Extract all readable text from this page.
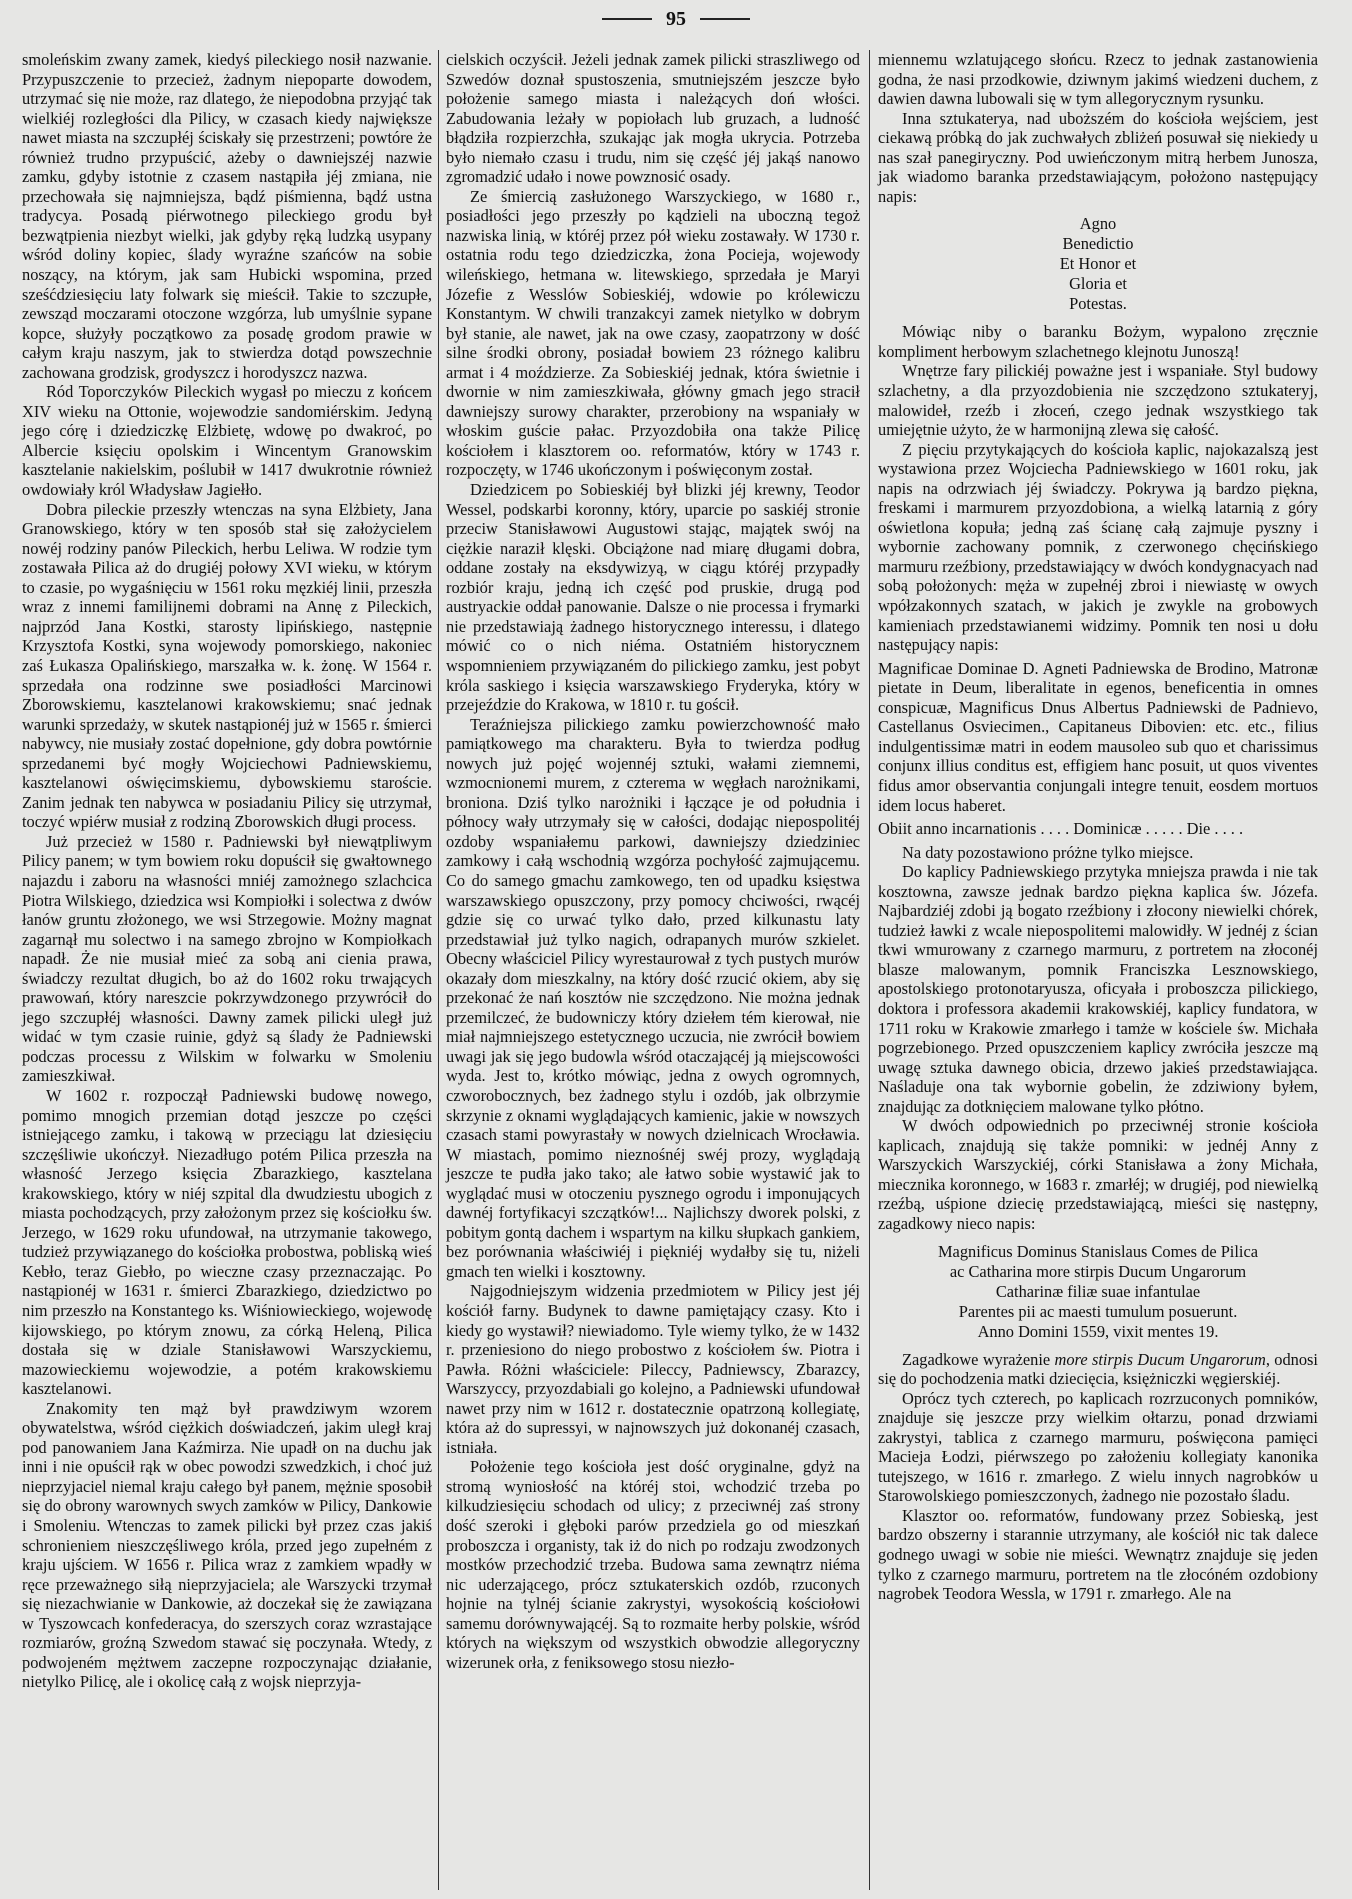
95

smoleńskim zwany zamek, kiedyś pileckiego nosił nazwanie. Przypuszczenie to przecież, żadnym niepoparte dowodem, utrzymać się nie może, raz dlatego, że niepodobna przyjąć tak wielkiéj rozległości dla Pilicy, w czasach kiedy największe nawet miasta na szczupłéj ściskały się przestrzeni; powtóre że również trudno przypuścić, ażeby o dawniejszéj nazwie zamku, gdyby istotnie z czasem nastąpiła jéj zmiana, nie przechowała się najmniejsza, bądź piśmienna, bądź ustna tradycya. Posadą piérwotnego pileckiego grodu był bezwątpienia niezbyt wielki, jak gdyby ręką ludzką usypany wśród doliny kopiec, ślady wyraźne szańców na sobie noszący, na którym, jak sam Hubicki wspomina, przed sześćdziesięciu laty folwark się mieścił. Takie to szczupłe, zewsząd moczarami otoczone wzgórza, lub umyślnie sypane kopce, służyły początkowo za posadę grodom prawie w całym kraju naszym, jak to stwierdza dotąd powszechnie zachowana grodzisk, grodyszcz i horodyszcz nazwa.

Ród Toporczyków Pileckich wygasł po mieczu z końcem XIV wieku na Ottonie, wojewodzie sandomiérskim. Jedyną jego córę i dziedziczkę Elżbietę, wdowę po dwakroć, po Albercie księciu opolskim i Wincentym Granowskim kasztelanie nakielskim, poślubił w 1417 dwukrotnie również owdowiały król Władysław Jagiełło.

Dobra pileckie przeszły wtenczas na syna Elżbiety, Jana Granowskiego, który w ten sposób stał się założycielem nowéj rodziny panów Pileckich, herbu Leliwa. W rodzie tym zostawała Pilica aż do drugiéj połowy XVI wieku, w którym to czasie, po wygaśnięciu w 1561 roku męzkiéj linii, przeszła wraz z innemi familijnemi dobrami na Annę z Pileckich, najprzód Jana Kostki, starosty lipińskiego, następnie Krzysztofa Kostki, syna wojewody pomorskiego, nakoniec zaś Łukasza Opalińskiego, marszałka w. k. żonę. W 1564 r. sprzedała ona rodzinne swe posiadłości Marcinowi Zborowskiemu, kasztelanowi krakowskiemu; snać jednak warunki sprzedaży, w skutek nastąpionéj już w 1565 r. śmierci nabywcy, nie musiały zostać dopełnione, gdy dobra powtórnie sprzedanemi być mogły Wojciechowi Padniewskiemu, kasztelanowi oświęcimskiemu, dybowskiemu staroście. Zanim jednak ten nabywca w posiadaniu Pilicy się utrzymał, toczyć wpiérw musiał z rodziną Zborowskich długi process.

Już przecież w 1580 r. Padniewski był niewątpliwym Pilicy panem; w tym bowiem roku dopuścił się gwałtownego najazdu i zaboru na własności mniéj zamożnego szlachcica Piotra Wilskiego, dziedzica wsi Kompiołki i solectwa z dwów łanów gruntu złożonego, we wsi Strzegowie. Możny magnat zagarnął mu solectwo i na samego zbrojno w Kompiołkach napadł. Że nie musiał mieć za sobą ani cienia prawa, świadczy rezultat długich, bo aż do 1602 roku trwających prawowań, który nareszcie pokrzywdzonego przywrócił do jego szczupłéj własności. Dawny zamek pilicki uległ już widać w tym czasie ruinie, gdyż są ślady że Padniewski podczas processu z Wilskim w folwarku w Smoleniu zamieszkiwał.

W 1602 r. rozpoczął Padniewski budowę nowego, pomimo mnogich przemian dotąd jeszcze po części istniejącego zamku, i takową w przeciągu lat dziesięciu szczęśliwie ukończył. Niezadługo potém Pilica przeszła na własność Jerzego księcia Zbarazkiego, kasztelana krakowskiego, który w niéj szpital dla dwudziestu ubogich z miasta pochodzących, przy założonym przez się kościołku św. Jerzego, w 1629 roku ufundował, na utrzymanie takowego, tudzież przywiązanego do kościołka probostwa, pobliską wieś Kebło, teraz Giebło, po wieczne czasy przeznaczając. Po nastąpionéj w 1631 r. śmierci Zbarazkiego, dziedzictwo po nim przeszło na Konstantego ks. Wiśniowieckiego, wojewodę kijowskiego, po którym znowu, za córką Heleną, Pilica dostała się w dziale Stanisławowi Warszyckiemu, mazowieckiemu wojewodzie, a potém krakowskiemu kasztelanowi.

Znakomity ten mąż był prawdziwym wzorem obywatelstwa, wśród ciężkich doświadczeń, jakim uległ kraj pod panowaniem Jana Kaźmirza. Nie upadł on na duchu jak inni i nie opuścił rąk w obec powodzi szwedzkich, i choć już nieprzyjaciel niemal kraju całego był panem, mężnie sposobił się do obrony warownych swych zamków w Pilicy, Dankowie i Smoleniu. Wtenczas to zamek pilicki był przez czas jakiś schronieniem nieszczęśliwego króla, przed jego zupełném z kraju ujściem. W 1656 r. Pilica wraz z zamkiem wpadły w ręce przeważnego siłą nieprzyjaciela; ale Warszycki trzymał się niezachwianie w Dankowie, aż doczekał się że zawiązana w Tyszowcach konfederacya, do szerszych coraz wzrastające rozmiarów, groźną Szwedom stawać się poczynała. Wtedy, z podwojeném mężtwem zaczepne rozpoczynając działanie, nietylko Pilicę, ale i okolicę całą z wojsk nieprzyja-

cielskich oczyścił. Jeżeli jednak zamek pilicki straszliwego od Szwedów doznał spustoszenia, smutniejszém jeszcze było położenie samego miasta i należących doń włości. Zabudowania leżały w popiołach lub gruzach, a ludność błądziła rozpierzchła, szukając jak mogła ukrycia. Potrzeba było niemało czasu i trudu, nim się część jéj jakąś nanowo zgromadzić udało i nowe powznosić osady.

Ze śmiercią zasłużonego Warszyckiego, w 1680 r., posiadłości jego przeszły po kądzieli na uboczną tegoż nazwiska linią, w któréj przez pół wieku zostawały. W 1730 r. ostatnia rodu tego dziedziczka, żona Pocieja, wojewody wileńskiego, hetmana w. litewskiego, sprzedała je Maryi Józefie z Wesslów Sobieskiéj, wdowie po królewiczu Konstantym. W chwili tranzakcyi zamek nietylko w dobrym był stanie, ale nawet, jak na owe czasy, zaopatrzony w dość silne środki obrony, posiadał bowiem 23 różnego kalibru armat i 4 moździerze. Za Sobieskiéj jednak, która świetnie i dwornie w nim zamieszkiwała, główny gmach jego stracił dawniejszy surowy charakter, przerobiony na wspaniały w włoskim guście pałac. Przyozdobiła ona także Pilicę kościołem i klasztorem oo. reformatów, który w 1743 r. rozpoczęty, w 1746 ukończonym i poświęconym został.

Dziedzicem po Sobieskiéj był blizki jéj krewny, Teodor Wessel, podskarbi koronny, który, uparcie po saskiéj stronie przeciw Stanisławowi Augustowi stając, majątek swój na ciężkie naraził klęski. Obciążone nad miarę długami dobra, oddane zostały na eksdywizyą, w ciągu któréj przypadły rozbiór kraju, jedną ich część pod pruskie, drugą pod austryackie oddał panowanie. Dalsze o nie processa i frymarki nie przedstawiają żadnego historycznego interessu, i dlatego mówić co o nich niéma. Ostatniém historycznem wspomnieniem przywiązaném do pilickiego zamku, jest pobyt króla saskiego i księcia warszawskiego Fryderyka, który w przejeździe do Krakowa, w 1810 r. tu gościł.

Teraźniejsza pilickiego zamku powierzchowność mało pamiątkowego ma charakteru. Była to twierdza podług nowych już pojęć wojennéj sztuki, wałami ziemnemi, wzmocnionemi murem, z czterema w węgłach narożnikami, broniona. Dziś tylko narożniki i łączące je od południa i północy wały utrzymały się w całości, dodając niepospolitéj ozdoby wspaniałemu parkowi, dawniejszy dziedziniec zamkowy i całą wschodnią wzgórza pochyłość zajmującemu. Co do samego gmachu zamkowego, ten od upadku księstwa warszawskiego opuszczony, przy pomocy chciwości, rwącéj gdzie się co urwać tylko dało, przed kilkunastu laty przedstawiał już tylko nagich, odrapanych murów szkielet. Obecny właściciel Pilicy wyrestaurował z tych pustych murów okazały dom mieszkalny, na który dość rzucić okiem, aby się przekonać że nań kosztów nie szczędzono. Nie można jednak przemilczeć, że budowniczy który dziełem tém kierował, nie miał najmniejszego estetycznego uczucia, nie zwrócił bowiem uwagi jak się jego budowla wśród otaczającéj ją miejscowości wyda. Jest to, krótko mówiąc, jedna z owych ogromnych, czworobocznych, bez żadnego stylu i ozdób, jak olbrzymie skrzynie z oknami wyglądających kamienic, jakie w nowszych czasach stami powyrastały w nowych dzielnicach Wrocławia. W miastach, pomimo nieznośnéj swéj prozy, wyglądają jeszcze te pudła jako tako; ale łatwo sobie wystawić jak to wyglądać musi w otoczeniu pysznego ogrodu i imponujących dawnéj fortyfikacyi szczątków!... Najlichszy dworek polski, z pobitym gontą dachem i wspartym na kilku słupkach gankiem, bez porównania właściwiéj i piękniéj wydałby się tu, niżeli gmach ten wielki i kosztowny.

Najgodniejszym widzenia przedmiotem w Pilicy jest jéj kościół farny. Budynek to dawne pamiętający czasy. Kto i kiedy go wystawił? niewiadomo. Tyle wiemy tylko, że w 1432 r. przeniesiono do niego probostwo z kościołem św. Piotra i Pawła. Różni właściciele: Pileccy, Padniewscy, Zbarazcy, Warszyccy, przyozdabiali go kolejno, a Padniewski ufundował nawet przy nim w 1612 r. dostatecznie opatrzoną kollegiatę, która aż do supressyi, w najnowszych już dokonanéj czasach, istniała.

Położenie tego kościoła jest dość oryginalne, gdyż na stromą wyniosłość na któréj stoi, wchodzić trzeba po kilkudziesięciu schodach od ulicy; z przeciwnéj zaś strony dość szeroki i głęboki parów przedziela go od mieszkań proboszcza i organisty, tak iż do nich po rodzaju zwodzonych mostków przechodzić trzeba. Budowa sama zewnątrz niéma nic uderzającego, prócz sztukaterskich ozdób, rzuconych hojnie na tylnéj ścianie zakrystyi, wysokością kościołowi samemu dorównywającéj. Są to rozmaite herby polskie, wśród których na większym od wszystkich obwodzie allegoryczny wizerunek orła, z feniksowego stosu niezło-

miennemu wzlatującego słońcu. Rzecz to jednak zastanowienia godna, że nasi przodkowie, dziwnym jakimś wiedzeni duchem, z dawien dawna lubowali się w tym allegorycznym rysunku.

Inna sztukaterya, nad uboższém do kościoła wejściem, jest ciekawą próbką do jak zuchwałych zbliżeń posuwał się niekiedy u nas szał panegiryczny. Pod uwieńczonym mitrą herbem Junosza, jak wiadomo baranka przedstawiającym, położono następujący napis:

Agno
Benedictio
Et Honor et
Gloria et
Potestas.

Mówiąc niby o baranku Bożym, wypalono zręcznie kompliment herbowym szlachetnego klejnotu Junoszą!

Wnętrze fary pilickiéj poważne jest i wspaniałe. Styl budowy szlachetny, a dla przyozdobienia nie szczędzono sztukateryj, malowideł, rzeźb i złoceń, czego jednak wszystkiego tak umiejętnie użyto, że w harmonijną zlewa się całość.

Z pięciu przytykających do kościoła kaplic, najokazalszą jest wystawiona przez Wojciecha Padniewskiego w 1601 roku, jak napis na odrzwiach jéj świadczy. Pokrywa ją bardzo piękna, freskami i marmurem przyozdobiona, a wielką latarnią z góry oświetlona kopuła; jedną zaś ścianę całą zajmuje pyszny i wybornie zachowany pomnik, z czerwonego chęcińskiego marmuru rzeźbiony, przedstawiający w dwóch kondygnacyach nad sobą położonych: męża w zupełnéj zbroi i niewiastę w owych wpółzakonnych szatach, w jakich je zwykle na grobowych kamieniach przedstawianemi widzimy. Pomnik ten nosi u dołu następujący napis:

Magnificae Dominae D. Agneti Padniewska de Brodino, Matronæ pietate in Deum, liberalitate in egenos, beneficentia in omnes conspicuæ, Magnificus Dnus Albertus Padniewski de Padnievo, Castellanus Osviecimen., Capitaneus Dibovien: etc. etc., filius indulgentissimæ matri in eodem mausoleo sub quo et charissimus conjunx illius conditus est, effigiem hanc posuit, ut quos viventes fidus amor observantia conjungali integre tenuit, eosdem mortuos idem locus haberet.

Obiit anno incarnationis . . . . Dominicæ . . . . . Die . . . .

Na daty pozostawiono próżne tylko miejsce.

Do kaplicy Padniewskiego przytyka mniejsza prawda i nie tak kosztowna, zawsze jednak bardzo piękna kaplica św. Józefa. Najbardziéj zdobi ją bogato rzeźbiony i złocony niewielki chórek, tudzież ławki z wcale niepospolitemi malowidły. W jednéj z ścian tkwi wmurowany z czarnego marmuru, z portretem na złoconéj blasze malowanym, pomnik Franciszka Lesznowskiego, apostolskiego protonotaryusza, oficyała i proboszcza pilickiego, doktora i professora akademii krakowskiéj, kaplicy fundatora, w 1711 roku w Krakowie zmarłego i tamże w kościele św. Michała pogrzebionego. Przed opuszczeniem kaplicy zwróciła jeszcze mą uwagę sztuka dawnego obicia, drzewo jakieś przedstawiająca. Naśladuje ona tak wybornie gobelin, że zdziwiony byłem, znajdując za dotknięciem malowane tylko płótno.

W dwóch odpowiednich po przeciwnéj stronie kościoła kaplicach, znajdują się także pomniki: w jednéj Anny z Warszyckich Warszyckiéj, córki Stanisława a żony Michała, miecznika koronnego, w 1683 r. zmarłéj; w drugiéj, pod niewielką rzeźbą, uśpione dziecię przedstawiającą, mieści się następny, zagadkowy nieco napis:

Magnificus Dominus Stanislaus Comes de Pilica
ac Catharina more stirpis Ducum Ungarorum
Catharinæ filiæ suae infantulae
Parentes pii ac maesti tumulum posuerunt.
Anno Domini 1559, vixit mentes 19.

Zagadkowe wyrażenie more stirpis Ducum Ungarorum, odnosi się do pochodzenia matki dziecięcia, księżniczki węgierskiéj.

Oprócz tych czterech, po kaplicach rozrzuconych pomników, znajduje się jeszcze przy wielkim ołtarzu, ponad drzwiami zakrystyi, tablica z czarnego marmuru, poświęcona pamięci Macieja Łodzi, piérwszego po założeniu kollegiaty kanonika tutejszego, w 1616 r. zmarłego. Z wielu innych nagrobków u Starowolskiego pomieszczonych, żadnego nie pozostało śladu.

Klasztor oo. reformatów, fundowany przez Sobieską, jest bardzo obszerny i starannie utrzymany, ale kościół nic tak dalece godnego uwagi w sobie nie mieści. Wewnątrz znajduje się jeden tylko z czarnego marmuru, portretem na tle złocóném ozdobiony nagrobek Teodora Wessla, w 1791 r. zmarłego. Ale na
